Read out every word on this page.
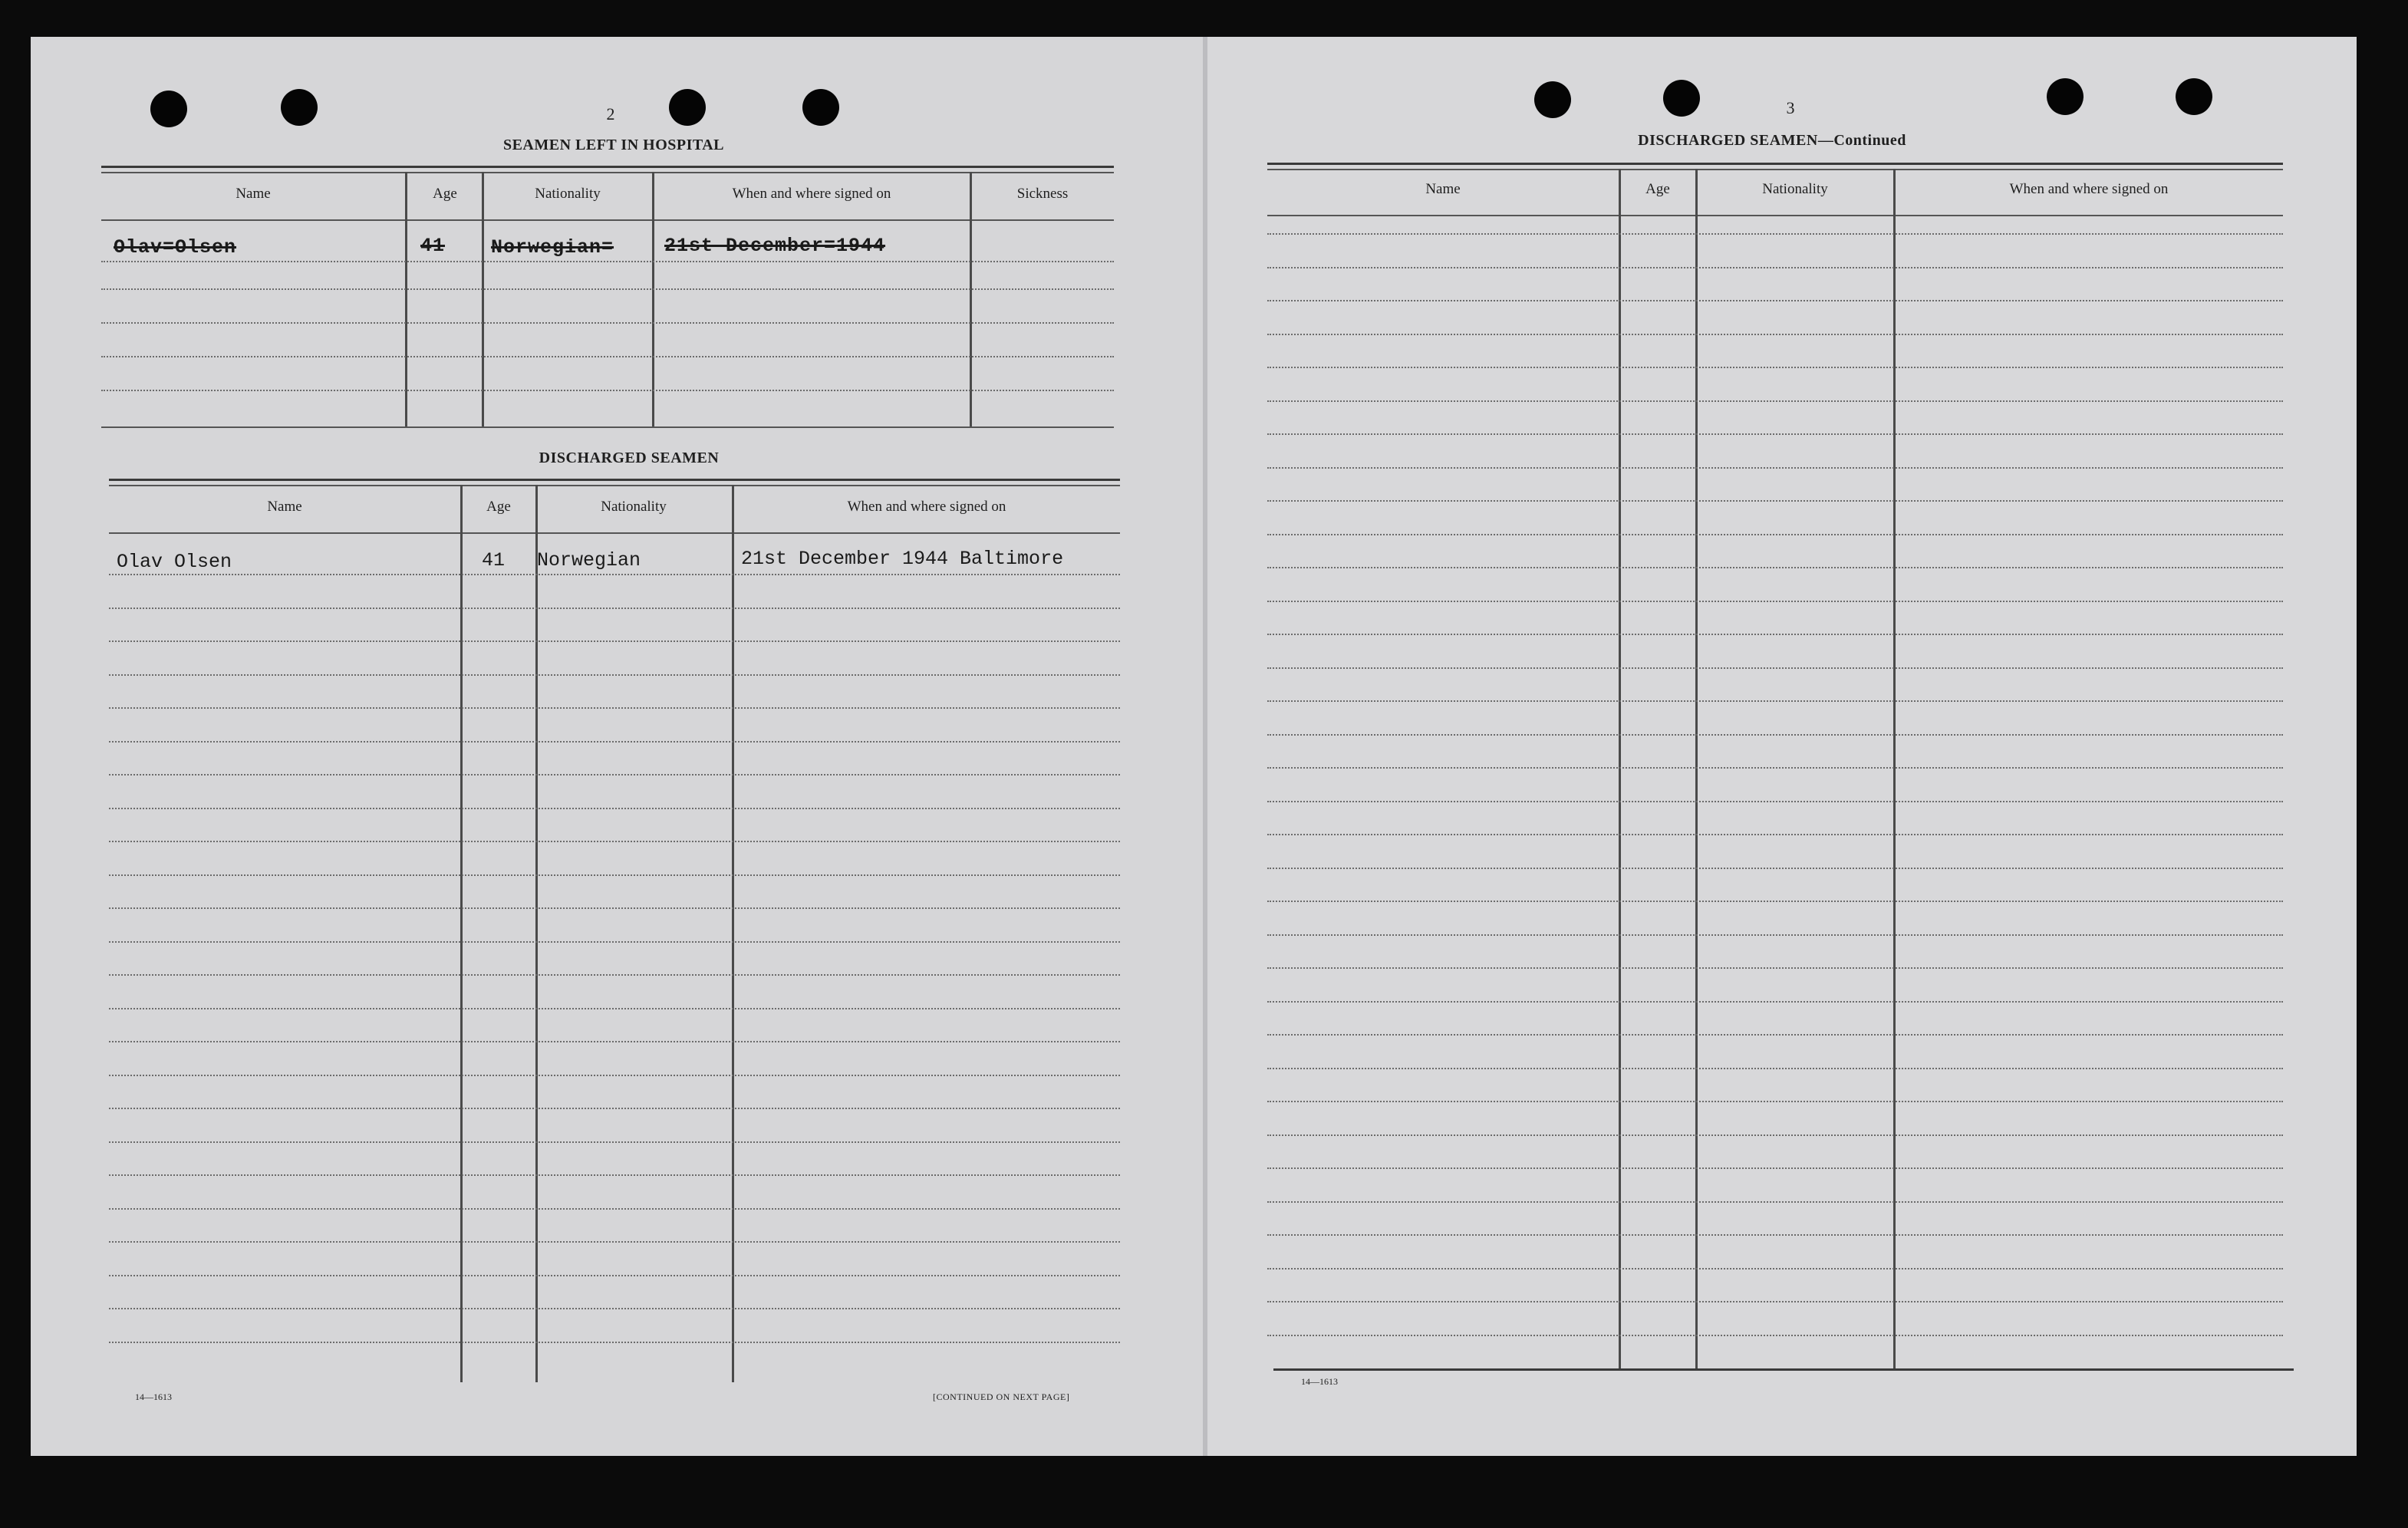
2
SEAMEN LEFT IN HOSPITAL
Name	Age	Nationality	When and where signed on	Sickness
Olav=Olsen	41 Norwegian=	21st December=1944
DISCHARGED SEAMEN
Name	Age	Nationality	When and where signed on
Olav Olsen	41 Norwegian	21st December 1944 Baltimore
14—1613	[CONTINUED ON NEXT PAGE]
3
DISCHARGED SEAMEN—Continued
Name	Age	Nationality	When and where signed on
14—1613
